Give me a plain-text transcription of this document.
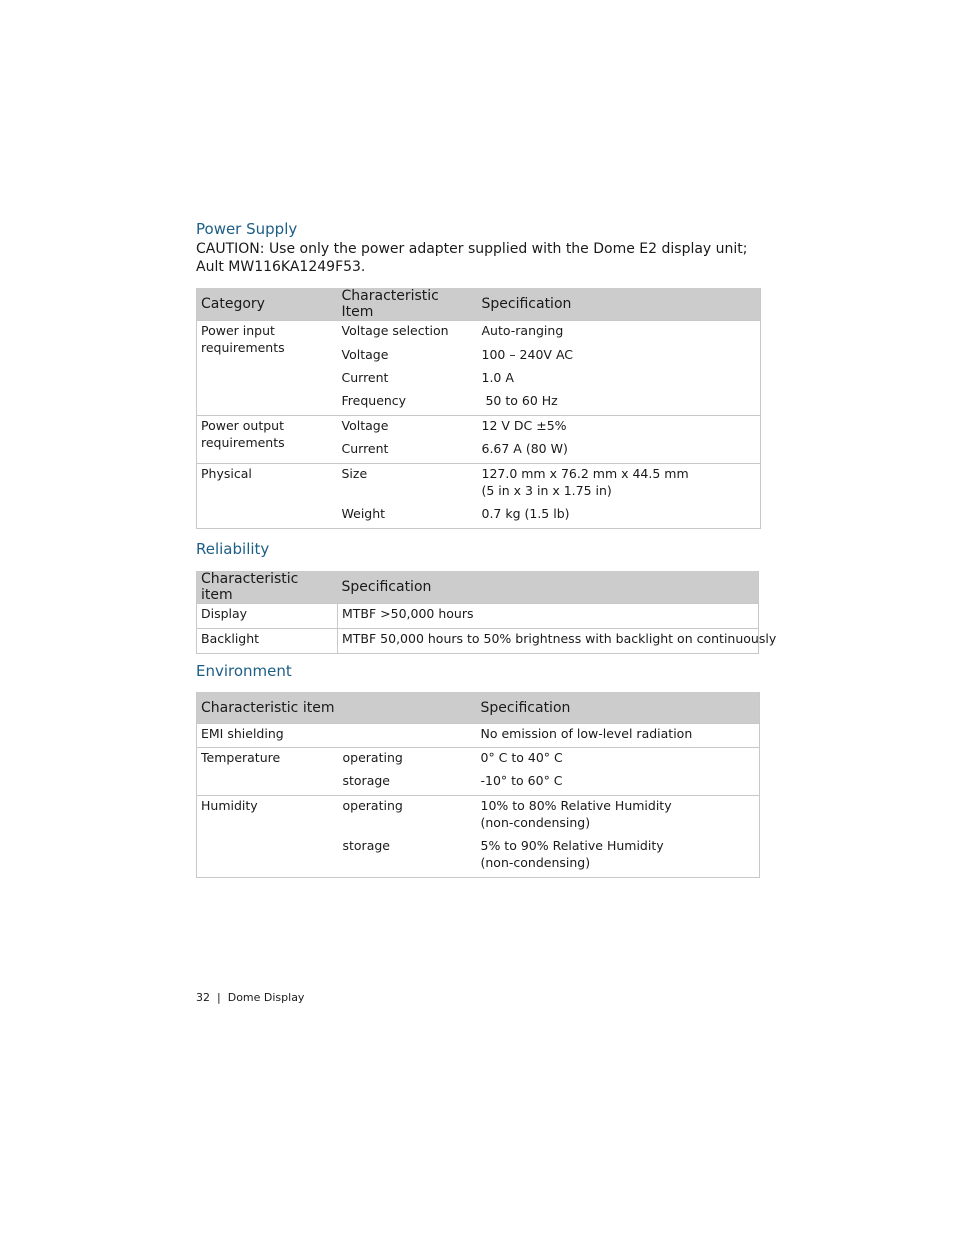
Power Supply
CAUTION: Use only the power adapter supplied with the Dome E2 display unit;
Ault MW116KA1249F53.
Category	Characteristic Item	Specification

Power input
requirements	Voltage selection	Auto-ranging
	Voltage	100 – 240V AC
	Current	1.0 A
	Frequency	50 to 60 Hz

Power output
requirements	Voltage	12 V DC ±5%
	Current	6.67 A (80 W)

Physical	Size	127.0 mm x 76.2 mm x 44.5 mm
(5 in x 3 in x 1.75 in)

	Weight	0.7 kg (1.5 lb)
Reliability
Characteristic item	Specification
Display	MTBF >50,000 hours
Backlight	MTBF 50,000 hours to 50% brightness with backlight on continuously
Environment
Characteristic item		Specification
EMI shielding		No emission of low-level radiation
Temperature	operating	0° C to 40° C
	storage	-10° to 60° C
Humidity	operating	10% to 80% Relative Humidity
(non-condensing)

	storage	5% to 90% Relative Humidity
(non-condensing)
32 | Dome Display
